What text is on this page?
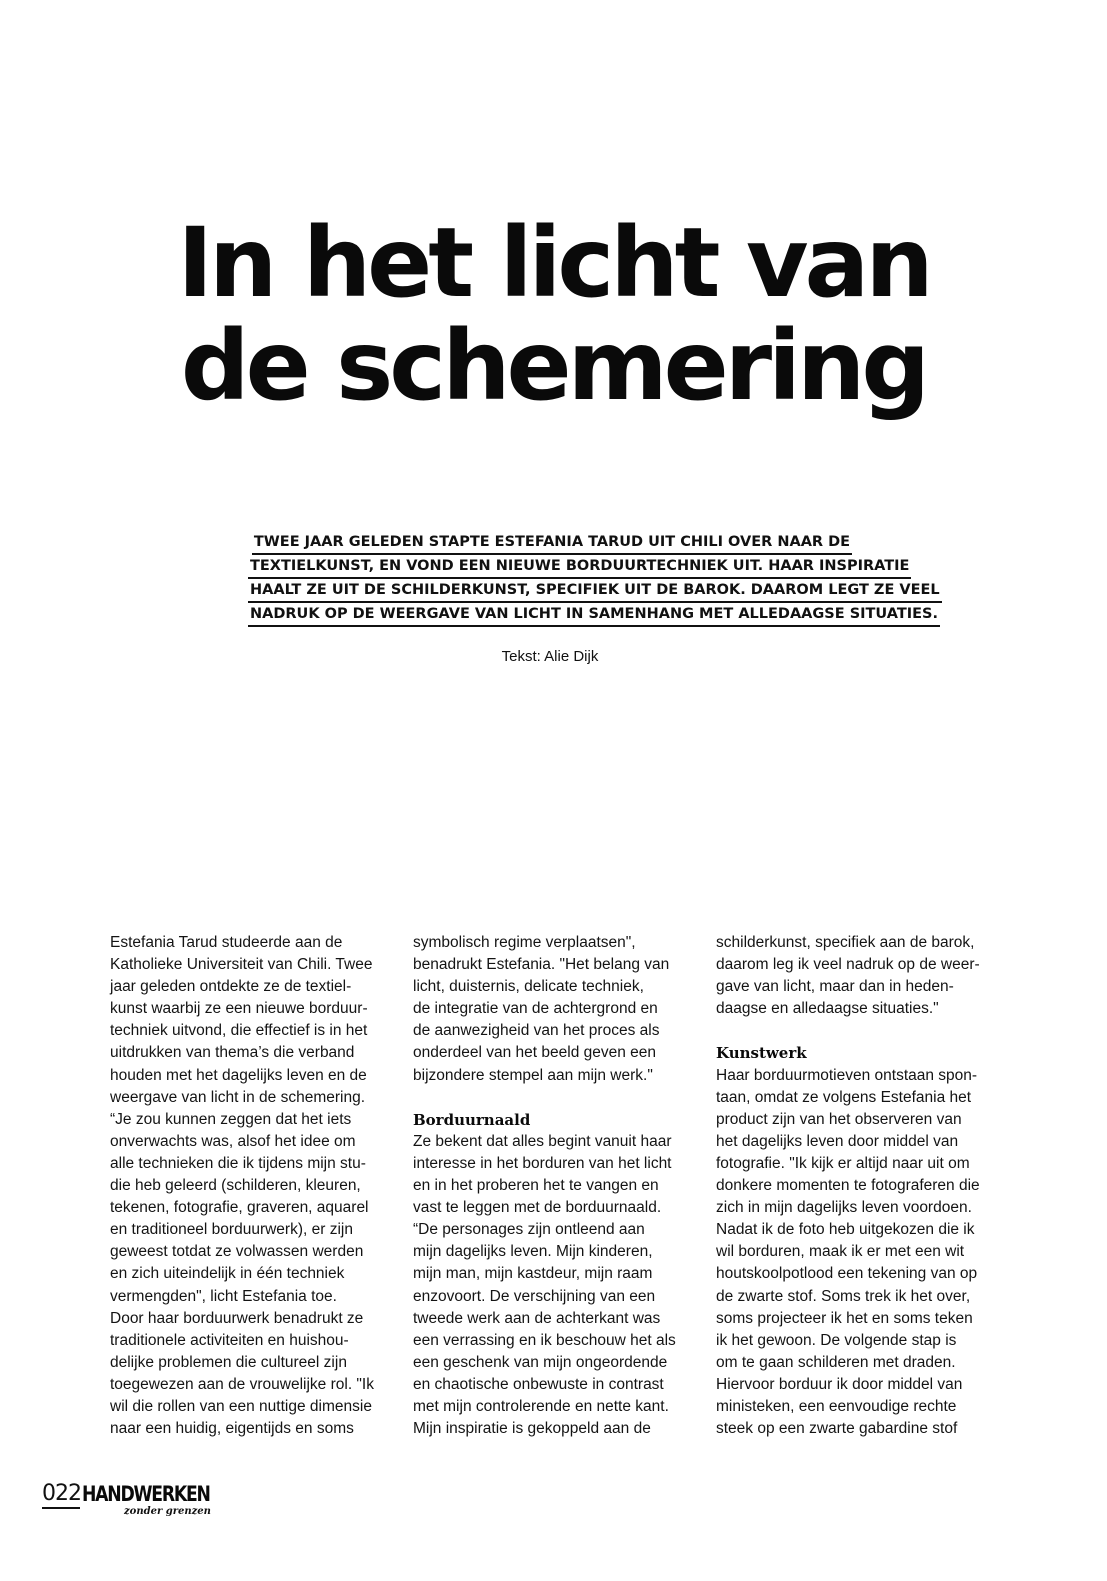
In het licht van
de schemering
TWEE JAAR GELEDEN STAPTE ESTEFANIA TARUD UIT CHILI OVER NAAR DE
TEXTIELKUNST, EN VOND EEN NIEUWE BORDUURTECHNIEK UIT. HAAR INSPIRATIE
HAALT ZE UIT DE SCHILDERKUNST, SPECIFIEK UIT DE BAROK. DAAROM LEGT ZE VEEL
NADRUK OP DE WEERGAVE VAN LICHT IN SAMENHANG MET ALLEDAAGSE SITUATIES.
Tekst: Alie Dijk
Estefania Tarud studeerde aan de
Katholieke Universiteit van Chili. Twee
jaar geleden ontdekte ze de textiel-
kunst waarbij ze een nieuwe borduur-
techniek uitvond, die effectief is in het
uitdrukken van thema’s die verband
houden met het dagelijks leven en de
weergave van licht in de schemering.
“Je zou kunnen zeggen dat het iets
onverwachts was, alsof het idee om
alle technieken die ik tijdens mijn stu-
die heb geleerd (schilderen, kleuren,
tekenen, fotografie, graveren, aquarel
en traditioneel borduurwerk), er zijn
geweest totdat ze volwassen werden
en zich uiteindelijk in één techniek
vermengden", licht Estefania toe.
Door haar borduurwerk benadrukt ze
traditionele activiteiten en huishou-
delijke problemen die cultureel zijn
toegewezen aan de vrouwelijke rol. "Ik
wil die rollen van een nuttige dimensie
naar een huidig, eigentijds en soms
symbolisch regime verplaatsen",
benadrukt Estefania. "Het belang van
licht, duisternis, delicate techniek,
de integratie van de achtergrond en
de aanwezigheid van het proces als
onderdeel van het beeld geven een
bijzondere stempel aan mijn werk."
Borduurnaald
Ze bekent dat alles begint vanuit haar
interesse in het borduren van het licht
en in het proberen het te vangen en
vast te leggen met de borduurnaald.
“De personages zijn ontleend aan
mijn dagelijks leven. Mijn kinderen,
mijn man, mijn kastdeur, mijn raam
enzovoort. De verschijning van een
tweede werk aan de achterkant was
een verrassing en ik beschouw het als
een geschenk van mijn ongeordende
en chaotische onbewuste in contrast
met mijn controlerende en nette kant.
Mijn inspiratie is gekoppeld aan de
schilderkunst, specifiek aan de barok,
daarom leg ik veel nadruk op de weer-
gave van licht, maar dan in heden-
daagse en alledaagse situaties."
Kunstwerk
Haar borduurmotieven ontstaan spon-
taan, omdat ze volgens Estefania het
product zijn van het observeren van
het dagelijks leven door middel van
fotografie. "Ik kijk er altijd naar uit om
donkere momenten te fotograferen die
zich in mijn dagelijks leven voordoen.
Nadat ik de foto heb uitgekozen die ik
wil borduren, maak ik er met een wit
houtskoolpotlood een tekening van op
de zwarte stof. Soms trek ik het over,
soms projecteer ik het en soms teken
ik het gewoon. De volgende stap is
om te gaan schilderen met draden.
Hiervoor borduur ik door middel van
ministeken, een eenvoudige rechte
steek op een zwarte gabardine stof
022 HANDWERKEN
zonder grenzen
